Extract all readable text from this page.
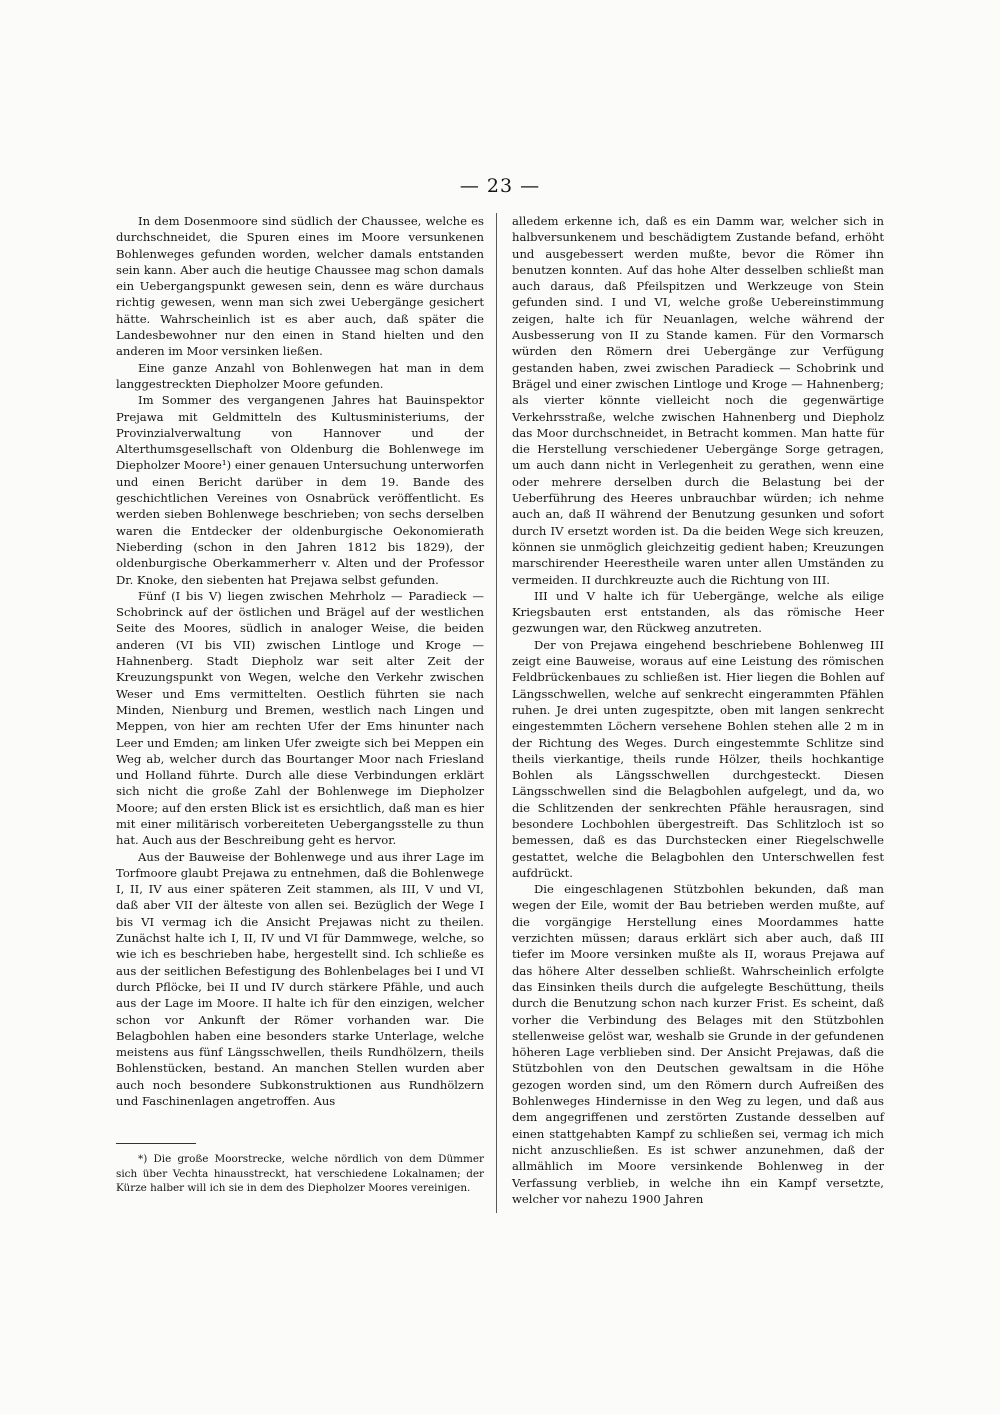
— 23 —

In dem Dosenmoore sind südlich der Chaussee, welche es durchschneidet, die Spuren eines im Moore versunkenen Bohlenweges gefunden worden, welcher damals entstanden sein kann. Aber auch die heutige Chaussee mag schon damals ein Uebergangspunkt gewesen sein, denn es wäre durchaus richtig gewesen, wenn man sich zwei Uebergänge gesichert hätte. Wahrscheinlich ist es aber auch, daß später die Landesbewohner nur den einen in Stand hielten und den anderen im Moor versinken ließen.

Eine ganze Anzahl von Bohlenwegen hat man in dem langgestreckten Diepholzer Moore gefunden.

Im Sommer des vergangenen Jahres hat Bauinspektor Prejawa mit Geldmitteln des Kultusministeriums, der Provinzialverwaltung von Hannover und der Alterthumsgesellschaft von Oldenburg die Bohlenwege im Diepholzer Moore¹) einer genauen Untersuchung unterworfen und einen Bericht darüber in dem 19. Bande des geschichtlichen Vereines von Osnabrück veröffentlicht. Es werden sieben Bohlenwege beschrieben; von sechs derselben waren die Entdecker der oldenburgische Oekonomierath Nieberding (schon in den Jahren 1812 bis 1829), der oldenburgische Oberkammerherr v. Alten und der Professor Dr. Knoke, den siebenten hat Prejawa selbst gefunden.

Fünf (I bis V) liegen zwischen Mehrholz — Paradieck — Schobrinck auf der östlichen und Brägel auf der westlichen Seite des Moores, südlich in analoger Weise, die beiden anderen (VI bis VII) zwischen Lintloge und Kroge — Hahnenberg. Stadt Diepholz war seit alter Zeit der Kreuzungspunkt von Wegen, welche den Verkehr zwischen Weser und Ems vermittelten. Oestlich führten sie nach Minden, Nienburg und Bremen, westlich nach Lingen und Meppen, von hier am rechten Ufer der Ems hinunter nach Leer und Emden; am linken Ufer zweigte sich bei Meppen ein Weg ab, welcher durch das Bourtanger Moor nach Friesland und Holland führte. Durch alle diese Verbindungen erklärt sich nicht die große Zahl der Bohlenwege im Diepholzer Moore; auf den ersten Blick ist es ersichtlich, daß man es hier mit einer militärisch vorbereiteten Uebergangsstelle zu thun hat. Auch aus der Beschreibung geht es hervor.

Aus der Bauweise der Bohlenwege und aus ihrer Lage im Torfmoore glaubt Prejawa zu entnehmen, daß die Bohlenwege I, II, IV aus einer späteren Zeit stammen, als III, V und VI, daß aber VII der älteste von allen sei. Bezüglich der Wege I bis VI vermag ich die Ansicht Prejawas nicht zu theilen. Zunächst halte ich I, II, IV und VI für Dammwege, welche, so wie ich es beschrieben habe, hergestellt sind. Ich schließe es aus der seitlichen Befestigung des Bohlenbelages bei I und VI durch Pflöcke, bei II und IV durch stärkere Pfähle, und auch aus der Lage im Moore. II halte ich für den einzigen, welcher schon vor Ankunft der Römer vorhanden war. Die Belagbohlen haben eine besonders starke Unterlage, welche meistens aus fünf Längsschwellen, theils Rundhölzern, theils Bohlenstücken, bestand. An manchen Stellen wurden aber auch noch besondere Subkonstruktionen aus Rundhölzern und Faschinenlagen angetroffen. Aus

*) Die große Moorstrecke, welche nördlich von dem Dümmer sich über Vechta hinausstreckt, hat verschiedene Lokalnamen; der Kürze halber will ich sie in dem des Diepholzer Moores vereinigen.

alledem erkenne ich, daß es ein Damm war, welcher sich in halbversunkenem und beschädigtem Zustande befand, erhöht und ausgebessert werden mußte, bevor die Römer ihn benutzen konnten. Auf das hohe Alter desselben schließt man auch daraus, daß Pfeilspitzen und Werkzeuge von Stein gefunden sind. I und VI, welche große Uebereinstimmung zeigen, halte ich für Neuanlagen, welche während der Ausbesserung von II zu Stande kamen. Für den Vormarsch würden den Römern drei Uebergänge zur Verfügung gestanden haben, zwei zwischen Paradieck — Schobrink und Brägel und einer zwischen Lintloge und Kroge — Hahnenberg; als vierter könnte vielleicht noch die gegenwärtige Verkehrsstraße, welche zwischen Hahnenberg und Diepholz das Moor durchschneidet, in Betracht kommen. Man hatte für die Herstellung verschiedener Uebergänge Sorge getragen, um auch dann nicht in Verlegenheit zu gerathen, wenn eine oder mehrere derselben durch die Belastung bei der Ueberführung des Heeres unbrauchbar würden; ich nehme auch an, daß II während der Benutzung gesunken und sofort durch IV ersetzt worden ist. Da die beiden Wege sich kreuzen, können sie unmöglich gleichzeitig gedient haben; Kreuzungen marschirender Heerestheile waren unter allen Umständen zu vermeiden. II durchkreuzte auch die Richtung von III.

III und V halte ich für Uebergänge, welche als eilige Kriegsbauten erst entstanden, als das römische Heer gezwungen war, den Rückweg anzutreten.

Der von Prejawa eingehend beschriebene Bohlenweg III zeigt eine Bauweise, woraus auf eine Leistung des römischen Feldbrückenbaues zu schließen ist. Hier liegen die Bohlen auf Längsschwellen, welche auf senkrecht eingerammten Pfählen ruhen. Je drei unten zugespitzte, oben mit langen senkrecht eingestemmten Löchern versehene Bohlen stehen alle 2 m in der Richtung des Weges. Durch eingestemmte Schlitze sind theils vierkantige, theils runde Hölzer, theils hochkantige Bohlen als Längsschwellen durchgesteckt. Diesen Längsschwellen sind die Belagbohlen aufgelegt, und da, wo die Schlitzenden der senkrechten Pfähle herausragen, sind besondere Lochbohlen übergestreift. Das Schlitzloch ist so bemessen, daß es das Durchstecken einer Riegelschwelle gestattet, welche die Belagbohlen den Unterschwellen fest aufdrückt.

Die eingeschlagenen Stützbohlen bekunden, daß man wegen der Eile, womit der Bau betrieben werden mußte, auf die vorgängige Herstellung eines Moordammes hatte verzichten müssen; daraus erklärt sich aber auch, daß III tiefer im Moore versinken mußte als II, woraus Prejawa auf das höhere Alter desselben schließt. Wahrscheinlich erfolgte das Einsinken theils durch die aufgelegte Beschüttung, theils durch die Benutzung schon nach kurzer Frist. Es scheint, daß vorher die Verbindung des Belages mit den Stützbohlen stellenweise gelöst war, weshalb sie Grunde in der gefundenen höheren Lage verblieben sind. Der Ansicht Prejawas, daß die Stützbohlen von den Deutschen gewaltsam in die Höhe gezogen worden sind, um den Römern durch Aufreißen des Bohlenweges Hindernisse in den Weg zu legen, und daß aus dem angegriffenen und zerstörten Zustande desselben auf einen stattgehabten Kampf zu schließen sei, vermag ich mich nicht anzuschließen. Es ist schwer anzunehmen, daß der allmählich im Moore versinkende Bohlenweg in der Verfassung verblieb, in welche ihn ein Kampf versetzte, welcher vor nahezu 1900 Jahren
